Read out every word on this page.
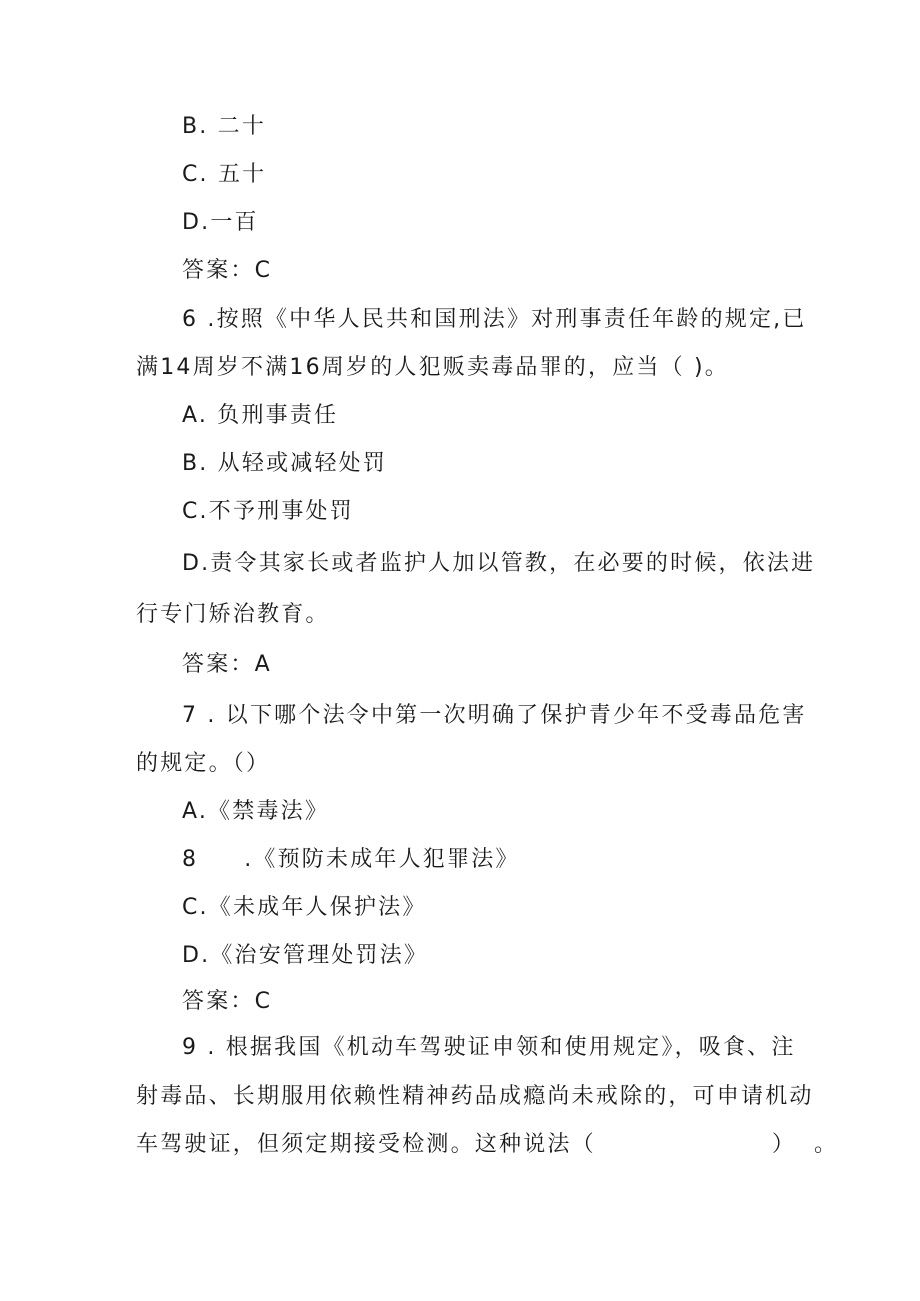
B. 二十
C. 五十
D.一百
答案：C
6 .按照《中华人民共和国刑法》对刑事责任年龄的规定,已
满14周岁不满16周岁的人犯贩卖毒品罪的，应当（ )。
A. 负刑事责任
B. 从轻或减轻处罚
C.不予刑事处罚
D.责令其家长或者监护人加以管教，在必要的时候，依法进
行专门矫治教育。
答案：A
7 . 以下哪个法令中第一次明确了保护青少年不受毒品危害
的规定。（）
A.《禁毒法》
8 .《预防未成年人犯罪法》
C.《未成年人保护法》
D.《治安管理处罚法》
答案：C
9 . 根据我国《机动车驾驶证申领和使用规定》，吸食、注
射毒品、长期服用依赖性精神药品成瘾尚未戒除的，可申请机动
车驾驶证，但须定期接受检测。这种说法（	） 。
